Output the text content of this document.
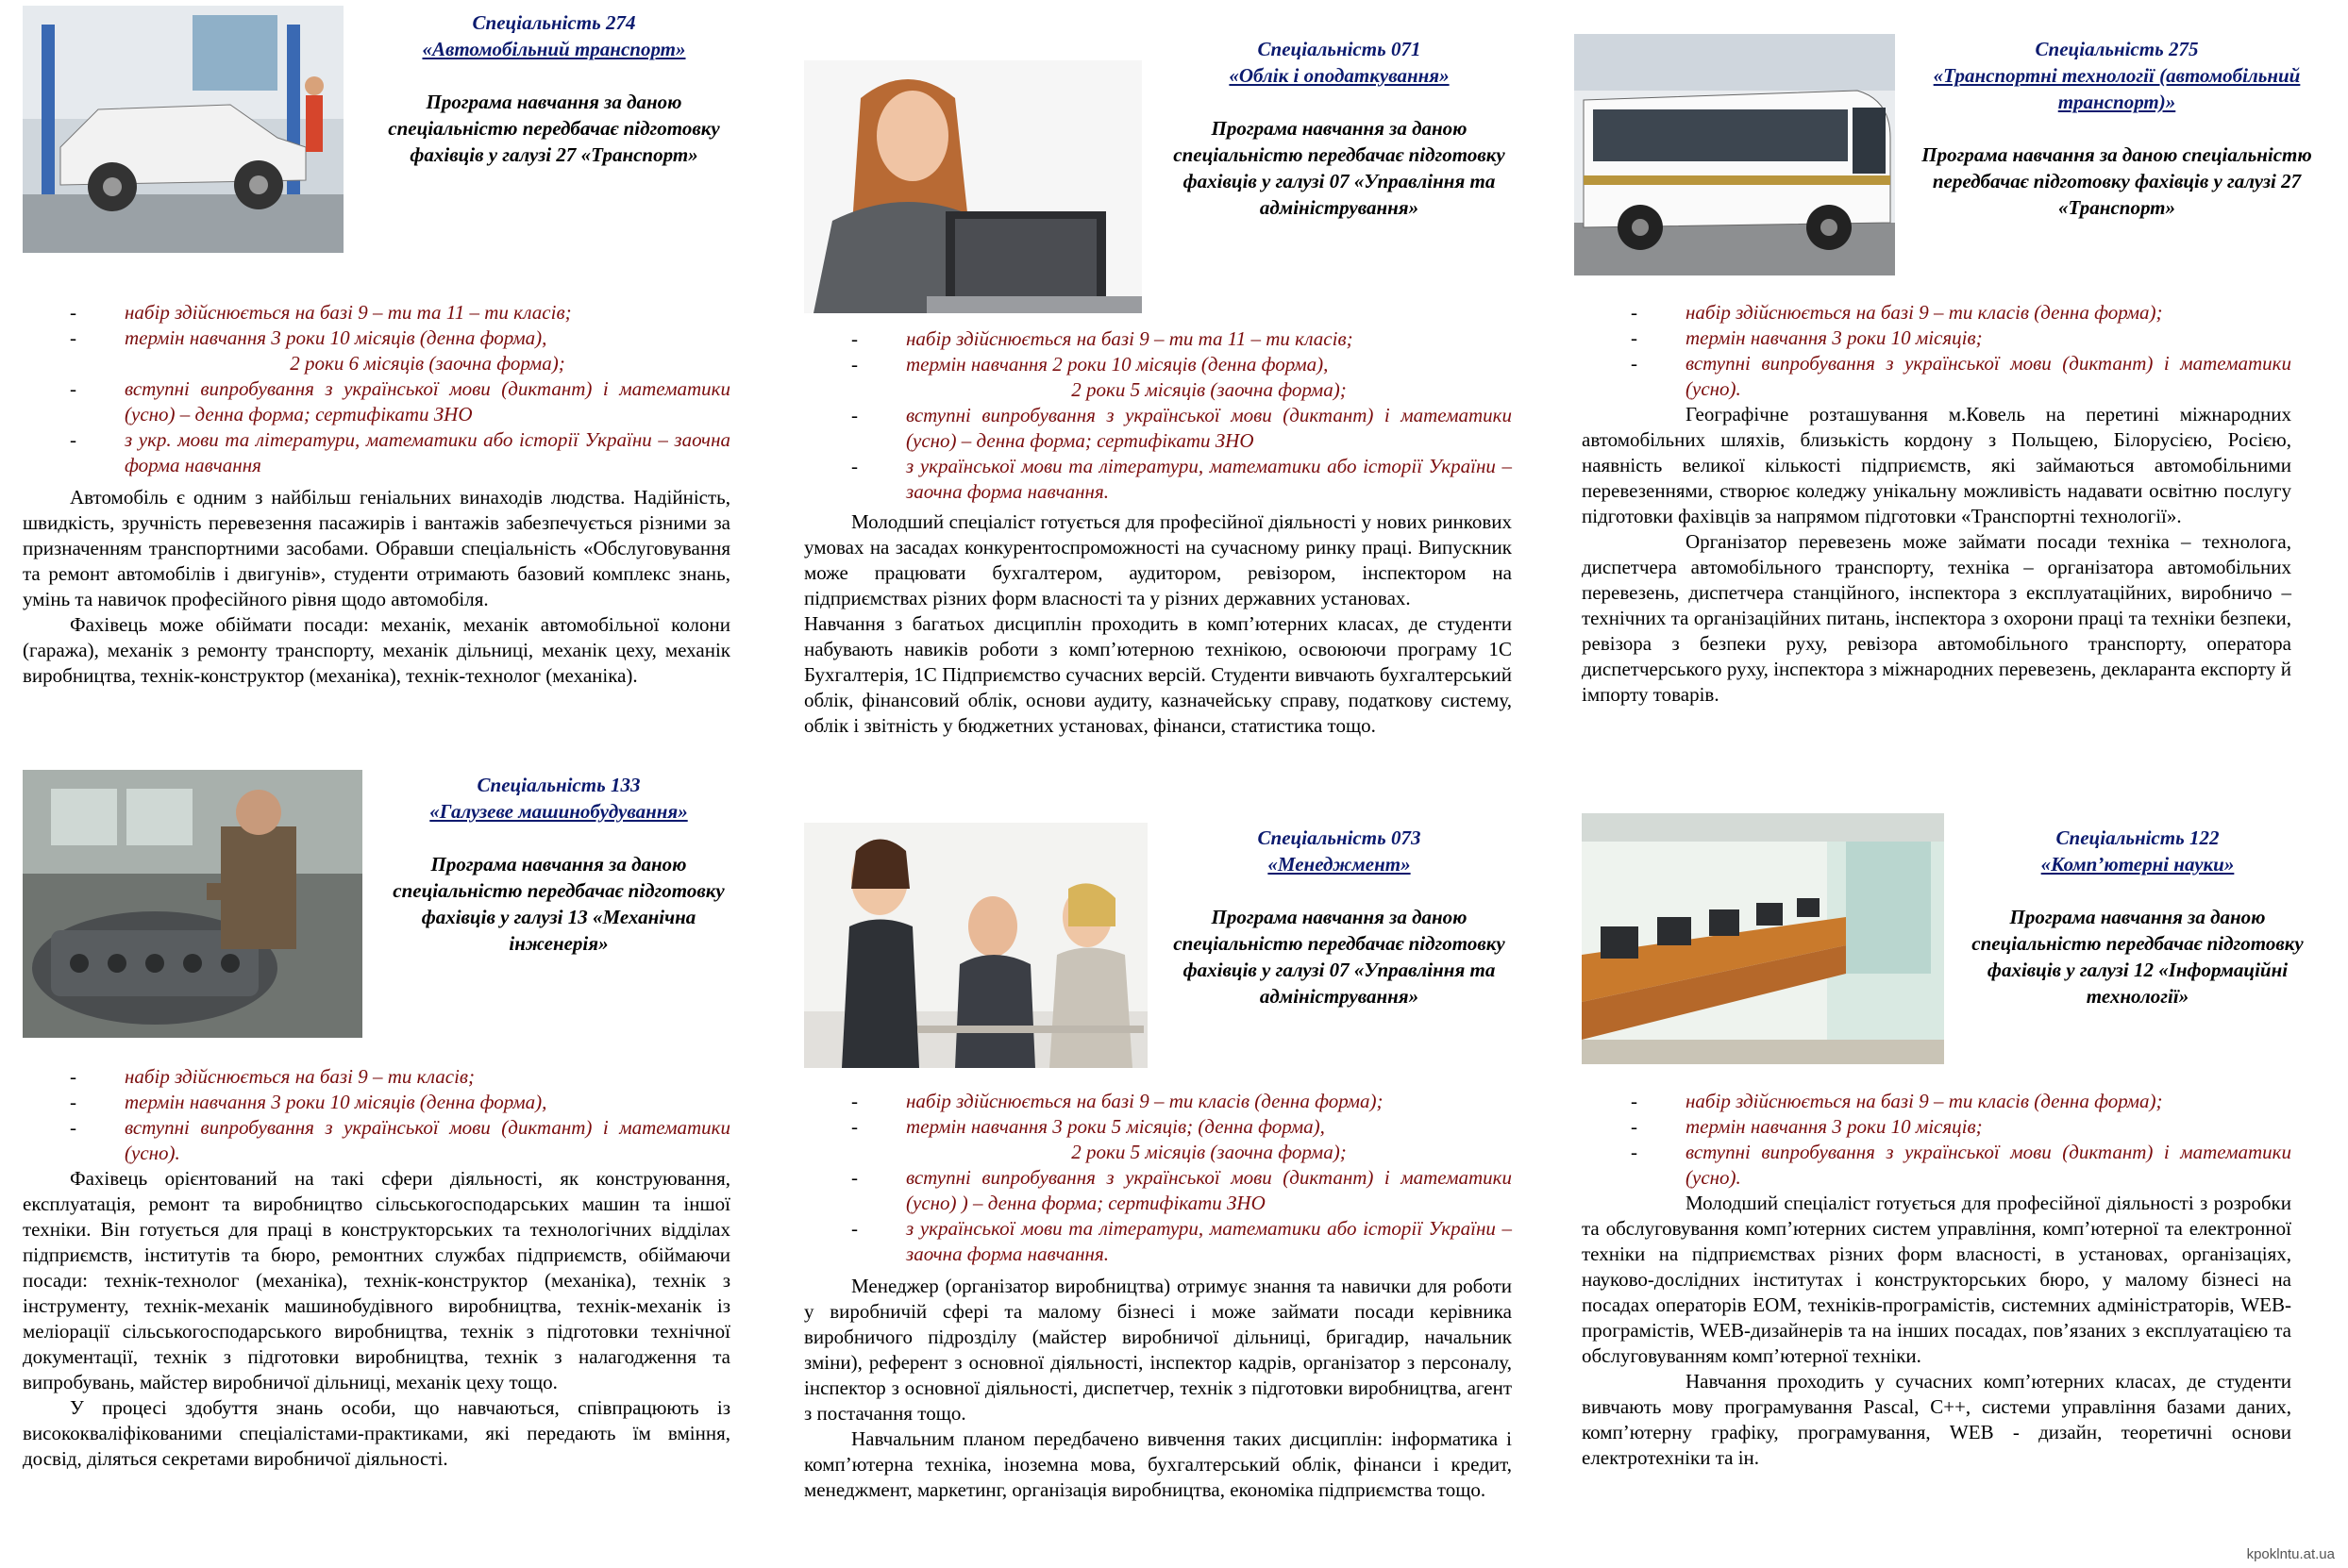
Спеціальність 274
«Автомобільний транспорт»
Програма навчання за даною спеціальністю передбачає підготовку фахівців у галузі 27 «Транспорт»
- набір здійснюється на базі 9 – ти та 11 – ти класів;
- термін навчання 3 роки 10 місяців (денна форма),
2 роки 6 місяців (заочна форма);
- вступні випробування з української мови (диктант) і математики (усно) – денна форма; сертифікати ЗНО
- з укр. мови та літератури, математики або історії України – заочна форма навчання

Автомобіль є одним з найбільш геніальних винаходів людства. Надійність, швидкість, зручність перевезення пасажирів і вантажів забезпечується різними за призначенням транспортними засобами. Обравши спеціальність «Обслуговування та ремонт автомобілів і двигунів», студенти отримають базовий комплекс знань, умінь та навичок професійного рівня щодо автомобіля.

Фахівець може обіймати посади: механік, механік автомобільної колони (гаража), механік з ремонту транспорту, механік дільниці, механік цеху, механік виробництва, технік-конструктор (механіка), технік-технолог (механіка).

Спеціальність 133
«Галузеве машинобудування»
Програма навчання за даною спеціальністю передбачає підготовку фахівців у галузі 13 «Механічна інженерія»
- набір здійснюється на базі 9 – ти класів;
- термін навчання 3 роки 10 місяців (денна форма),
- вступні випробування з української мови (диктант) і математики (усно).

Фахівець орієнтований на такі сфери діяльності, як конструювання, експлуатація, ремонт та виробництво сільськогосподарських машин та іншої техніки. Він готується для праці в конструкторських та технологічних відділах підприємств, інститутів та бюро, ремонтних службах підприємств, обіймаючи посади: технік-технолог (механіка), технік-конструктор (механіка), технік з інструменту, технік-механік машинобудівного виробництва, технік-механік із меліорації сільськогосподарського виробництва, технік з підготовки технічної документації, технік з підготовки виробництва, технік з налагодження та випробувань, майстер виробничої дільниці, механік цеху тощо.

У процесі здобуття знань особи, що навчаються, співпрацюють із висококваліфікованими спеціалістами-практиками, які передають їм вміння, досвід, діляться секретами виробничої діяльності.

Спеціальність 071
«Облік і оподаткування»
Програма навчання за даною спеціальністю передбачає підготовку фахівців у галузі 07 «Управління та адміністрування»
- набір здійснюється на базі 9 – ти та 11 – ти класів;
- термін навчання 2 роки 10 місяців (денна форма),
2 роки 5 місяців (заочна форма);
- вступні випробування з української мови (диктант) і математики (усно) – денна форма; сертифікати ЗНО
- з української мови та літератури, математики або історії України – заочна форма навчання.

Молодший спеціаліст готується для професійної діяльності у нових ринкових умовах на засадах конкурентоспроможності на сучасному ринку праці. Випускник може працювати бухгалтером, аудитором, ревізором, інспектором на підприємствах різних форм власності та у різних державних установах.

Навчання з багатьох дисциплін проходить в комп’ютерних класах, де студенти набувають навиків роботи з комп’ютерною технікою, освоюючи програму 1С Бухгалтерія, 1С Підприємство сучасних версій. Студенти вивчають бухгалтерський облік, фінансовий облік, основи аудиту, казначейську справу, податкову систему, облік і звітність у бюджетних установах, фінанси, статистика тощо.

Спеціальність 073
«Менеджмент»
Програма навчання за даною спеціальністю передбачає підготовку фахівців у галузі 07 «Управління та адміністрування»
- набір здійснюється на базі 9 – ти класів (денна форма);
- термін навчання 3 роки 5 місяців; (денна форма),
2 роки 5 місяців (заочна форма);
- вступні випробування з української мови (диктант) і математики (усно) ) – денна форма; сертифікати ЗНО
- з української мови та літератури, математики або історії України – заочна форма навчання.

Менеджер (організатор виробництва) отримує знання та навички для роботи у виробничій сфері та малому бізнесі і може займати посади керівника виробничого підрозділу (майстер виробничої дільниці, бригадир, начальник зміни), референт з основної діяльності, інспектор кадрів, організатор з персоналу, інспектор з основної діяльності, диспетчер, технік з підготовки виробництва, агент з постачання тощо.

Навчальним планом передбачено вивчення таких дисциплін: інформатика і комп’ютерна техніка, іноземна мова, бухгалтерський облік, фінанси і кредит, менеджмент, маркетинг, організація виробництва, економіка підприємства тощо.

Спеціальність 275
«Транспортні технології (автомобільний транспорт)»
Програма навчання за даною спеціальністю передбачає підготовку фахівців у галузі 27 «Транспорт»
- набір здійснюється на базі 9 – ти класів (денна форма);
- термін навчання 3 роки 10 місяців;
- вступні випробування з української мови (диктант) і математики (усно).

Географічне розташування м.Ковель на перетині міжнародних автомобільних шляхів, близькість кордону з Польщею, Білорусією, Росією, наявність великої кількості підприємств, які займаються автомобільними перевезеннями, створює коледжу унікальну можливість надавати освітню послугу підготовки фахівців за напрямом підготовки «Транспортні технології».

Організатор перевезень може займати посади техніка – технолога, диспетчера автомобільного транспорту, техніка – організатора автомобільних перевезень, диспетчера станційного, інспектора з експлуатаційних, виробничо – технічних та організаційних питань, інспектора з охорони праці та техніки безпеки, ревізора з безпеки руху, ревізора автомобільного транспорту, оператора диспетчерського руху, інспектора з міжнародних перевезень, декларанта експорту й імпорту товарів.

Спеціальність 122
«Комп’ютерні науки»
Програма навчання за даною спеціальністю передбачає підготовку фахівців у галузі 12 «Інформаційні технології»
- набір здійснюється на базі 9 – ти класів (денна форма);
- термін навчання 3 роки 10 місяців;
- вступні випробування з української мови (диктант) і математики (усно).

Молодший спеціаліст готується для професійної діяльності з розробки та обслуговування комп’ютерних систем управління, комп’ютерної та електронної техніки на підприємствах різних форм власності, в установах, організаціях, науково-дослідних інститутах і конструкторських бюро, у малому бізнесі на посадах операторів ЕОМ, техніків-програмістів, системних адміністраторів, WEB-програмістів, WEB-дизайнерів та на інших посадах, пов’язаних з експлуатацією та обслуговуванням комп’ютерної техніки.

Навчання проходить у сучасних комп’ютерних класах, де студенти вивчають мову програмування Pascal, C++, системи управління базами даних, комп’ютерну графіку, програмування, WEB - дизайн, теоретичні основи електротехніки та ін.

kpoklntu.at.ua
